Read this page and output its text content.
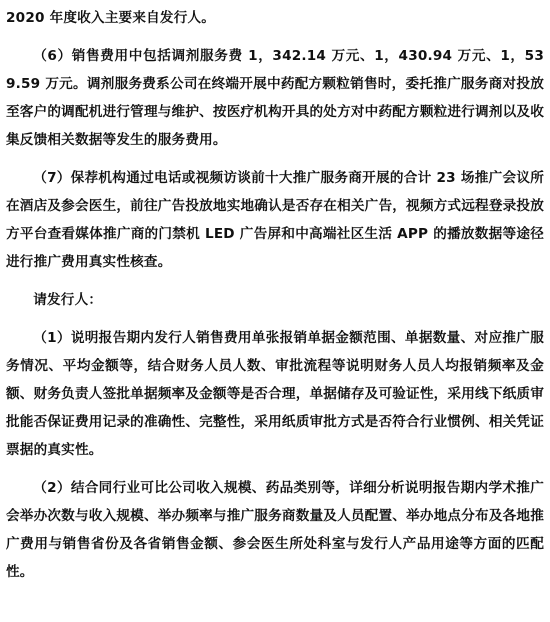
2020 年度收入主要来自发行人。

（6）销售费用中包括调剂服务费 1，342.14 万元、1，430.94 万元、1，539.59 万元。调剂服务费系公司在终端开展中药配方颗粒销售时，委托推广服务商对投放至客户的调配机进行管理与维护、按医疗机构开具的处方对中药配方颗粒进行调剂以及收集反馈相关数据等发生的服务费用。

（7）保荐机构通过电话或视频访谈前十大推广服务商开展的合计 23 场推广会议所在酒店及参会医生，前往广告投放地实地确认是否存在相关广告，视频方式远程登录投放方平台查看媒体推广商的门禁机 LED 广告屏和中高端社区生活 APP 的播放数据等途径进行推广费用真实性核查。

请发行人：

（1）说明报告期内发行人销售费用单张报销单据金额范围、单据数量、对应推广服务情况、平均金额等，结合财务人员人数、审批流程等说明财务人员人均报销频率及金额、财务负责人签批单据频率及金额等是否合理，单据储存及可验证性，采用线下纸质审批能否保证费用记录的准确性、完整性，采用纸质审批方式是否符合行业惯例、相关凭证票据的真实性。

（2）结合同行业可比公司收入规模、药品类别等，详细分析说明报告期内学术推广会举办次数与收入规模、举办频率与推广服务商数量及人员配置、举办地点分布及各地推广费用与销售省份及各省销售金额、参会医生所处科室与发行人产品用途等方面的匹配性。
